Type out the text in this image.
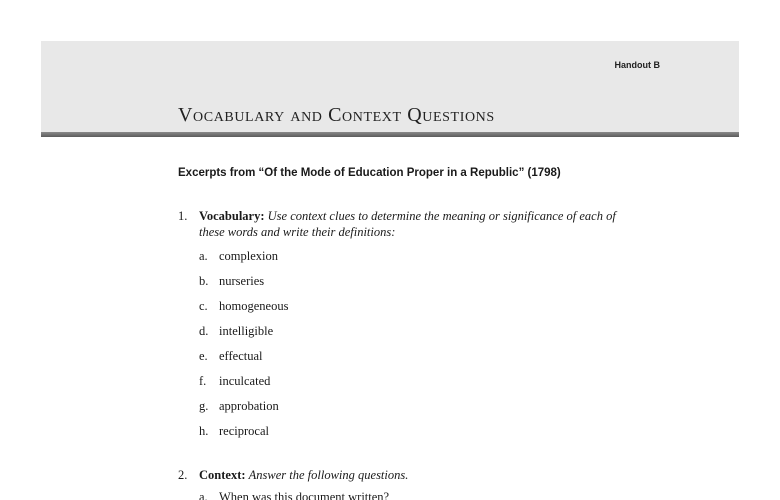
Handout B
Vocabulary and Context Questions
Excerpts from “Of the Mode of Education Proper in a Republic” (1798)
1. Vocabulary: Use context clues to determine the meaning or significance of each of these words and write their definitions:
a. complexion
b. nurseries
c. homogeneous
d. intelligible
e. effectual
f. inculcated
g. approbation
h. reciprocal
2. Context: Answer the following questions.
a. When was this document written?
